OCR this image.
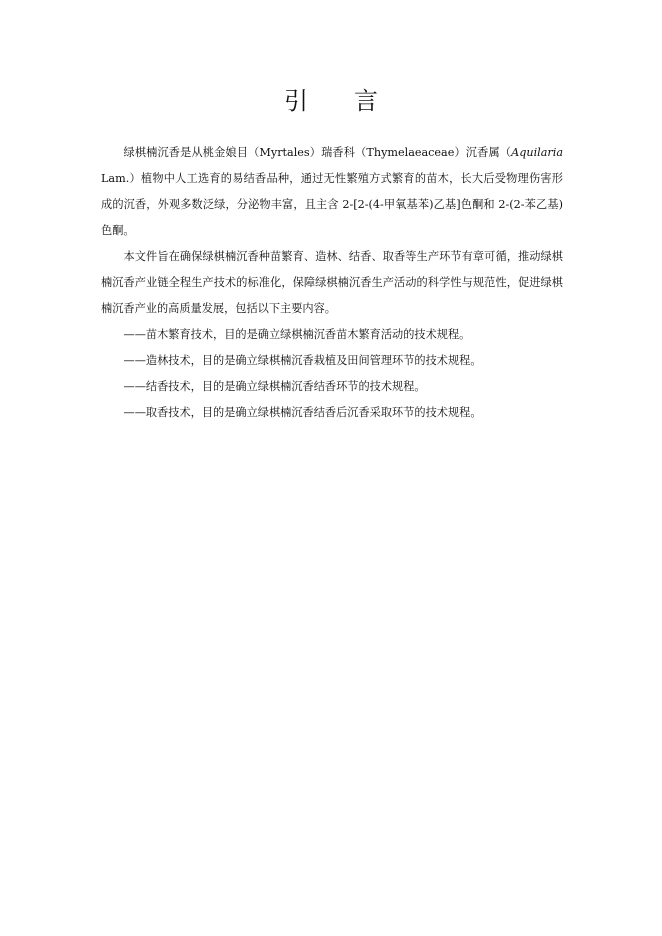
引 言

绿棋楠沉香是从桃金娘目（Myrtales）瑞香科（Thymelaeaceae）沉香属（Aquilaria Lam.）植物中人工选育的易结香品种，通过无性繁殖方式繁育的苗木，长大后受物理伤害形成的沉香，外观多数泛绿，分泌物丰富，且主含 2-[2-(4-甲氧基苯)乙基]色酮和 2-(2-苯乙基)色酮。

本文件旨在确保绿棋楠沉香种苗繁育、造林、结香、取香等生产环节有章可循，推动绿棋楠沉香产业链全程生产技术的标准化，保障绿棋楠沉香生产活动的科学性与规范性，促进绿棋楠沉香产业的高质量发展，包括以下主要内容。

——苗木繁育技术，目的是确立绿棋楠沉香苗木繁育活动的技术规程。

——造林技术，目的是确立绿棋楠沉香栽植及田间管理环节的技术规程。

——结香技术，目的是确立绿棋楠沉香结香环节的技术规程。

——取香技术，目的是确立绿棋楠沉香结香后沉香采取环节的技术规程。
